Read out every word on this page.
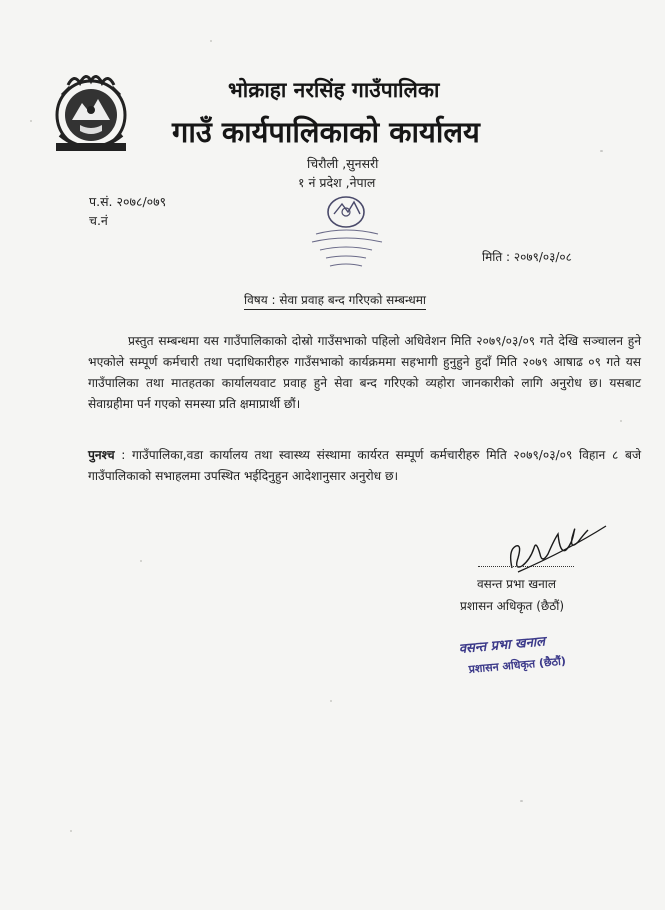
भोक्राहा नरसिंह गाउँपालिका
गाउँ कार्यपालिकाको कार्यालय
चिरौली ,सुनसरी
१ नं प्रदेश ,नेपाल
प.सं. २०७८/०७९
च.नं
मिति : २०७९/०३/०८
विषय : सेवा प्रवाह बन्द गरिएको सम्बन्धमा
प्रस्तुत सम्बन्धमा यस गाउँपालिकाको दोस्रो गाउँसभाको पहिलो अधिवेशन मिति २०७९/०३/०९ गते देखि सञ्चालन हुने भएकोले सम्पूर्ण कर्मचारी तथा पदाधिकारीहरु गाउँसभाको कार्यक्रममा सहभागी हुनुहुने हुदाँ मिति २०७९ आषाढ ०९ गते यस गाउँपालिका तथा मातहतका कार्यालयवाट प्रवाह हुने सेवा बन्द गरिएको व्यहोरा जानकारीको लागि अनुरोध छ। यसबाट सेवाग्रहीमा पर्न गएको समस्या प्रति क्षमाप्रार्थी छौं।
पुनश्च : गाउँपालिका,वडा कार्यालय तथा स्वास्थ्य संस्थामा कार्यरत सम्पूर्ण कर्मचारीहरु मिति २०७९/०३/०९ विहान ८ बजे गाउँपालिकाको सभाहलमा उपस्थित भईदिनुहुन आदेशानुसार अनुरोध छ।
वसन्त प्रभा खनाल
प्रशासन अधिकृत (छैठौं)
वसन्त प्रभा खनाल
प्रशासन अधिकृत (छैठौं)
